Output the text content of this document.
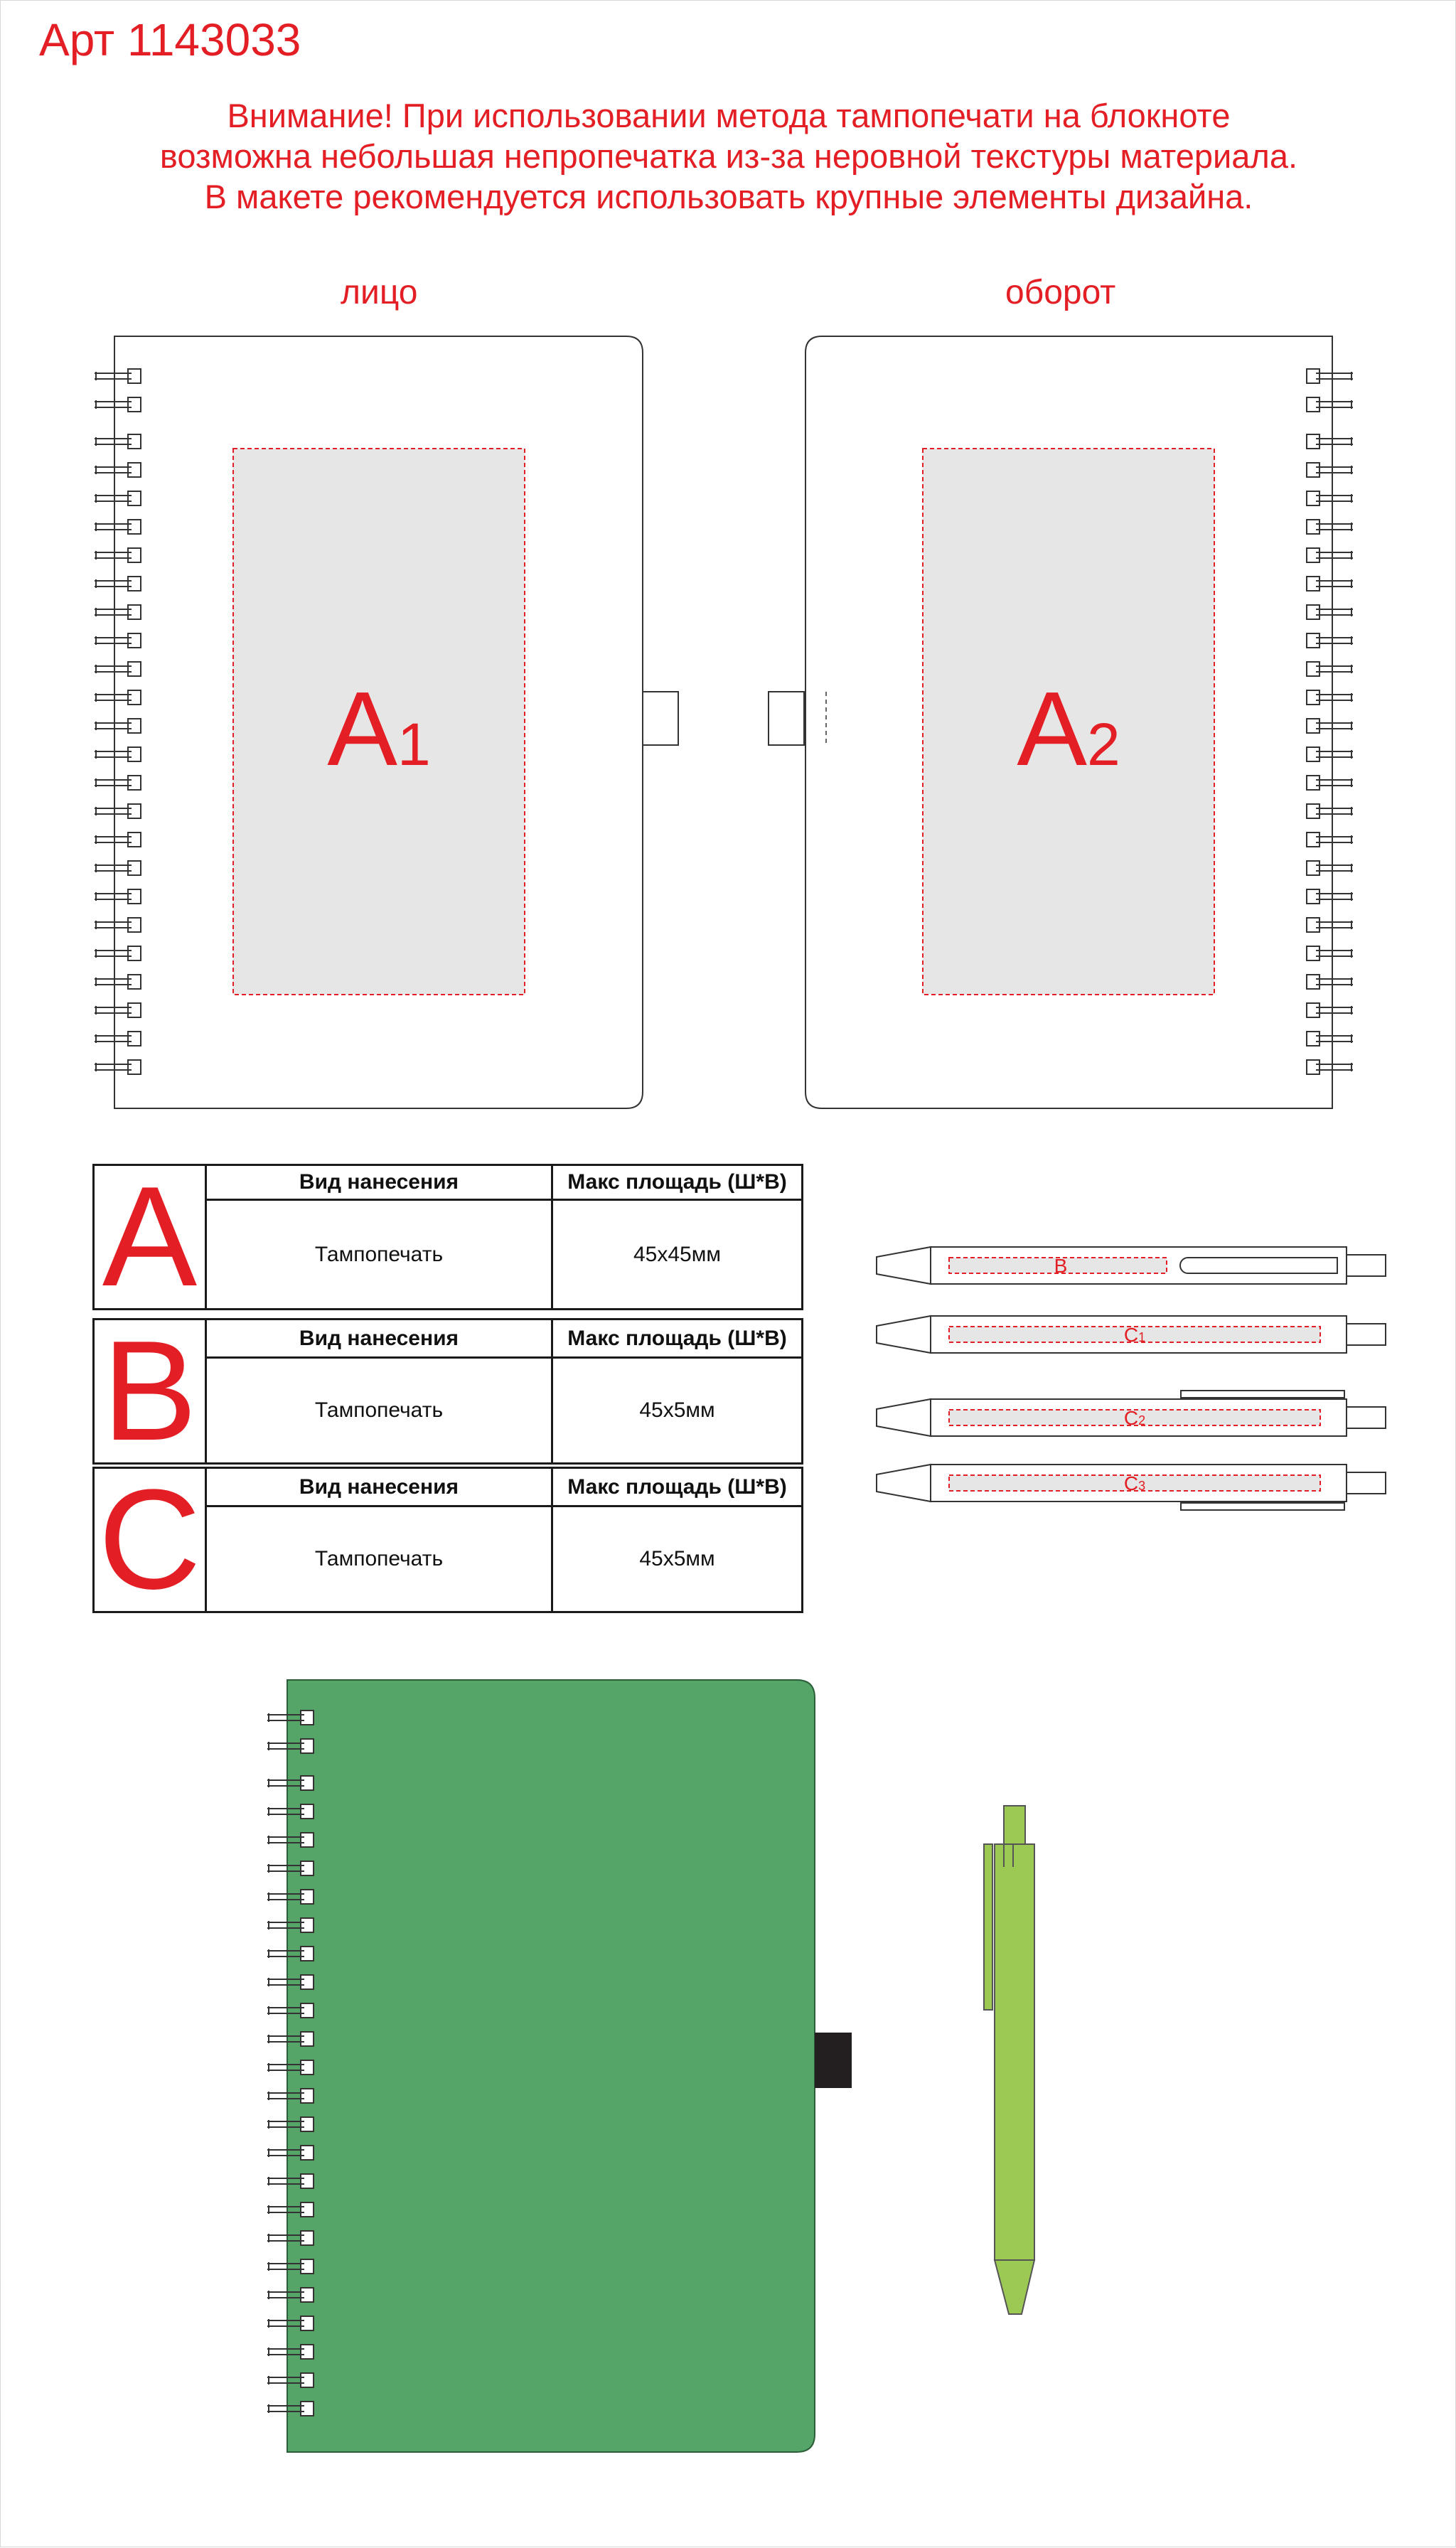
Арт 1143033
Внимание! При использовании метода тампопечати на блокноте
возможна небольшая непропечатка из-за неровной текстуры материала.
В макете рекомендуется использовать крупные элементы дизайна.
лицо	оборот
A1	A2
B
C1
C2
C3
A	Вид нанесения	Макс площадь (Ш*В)
	Тампопечать	45x45мм
B	Вид нанесения	Макс площадь (Ш*В)
	Тампопечать	45x5мм
C	Вид нанесения	Макс площадь (Ш*В)
	Тампопечать	45x5мм
